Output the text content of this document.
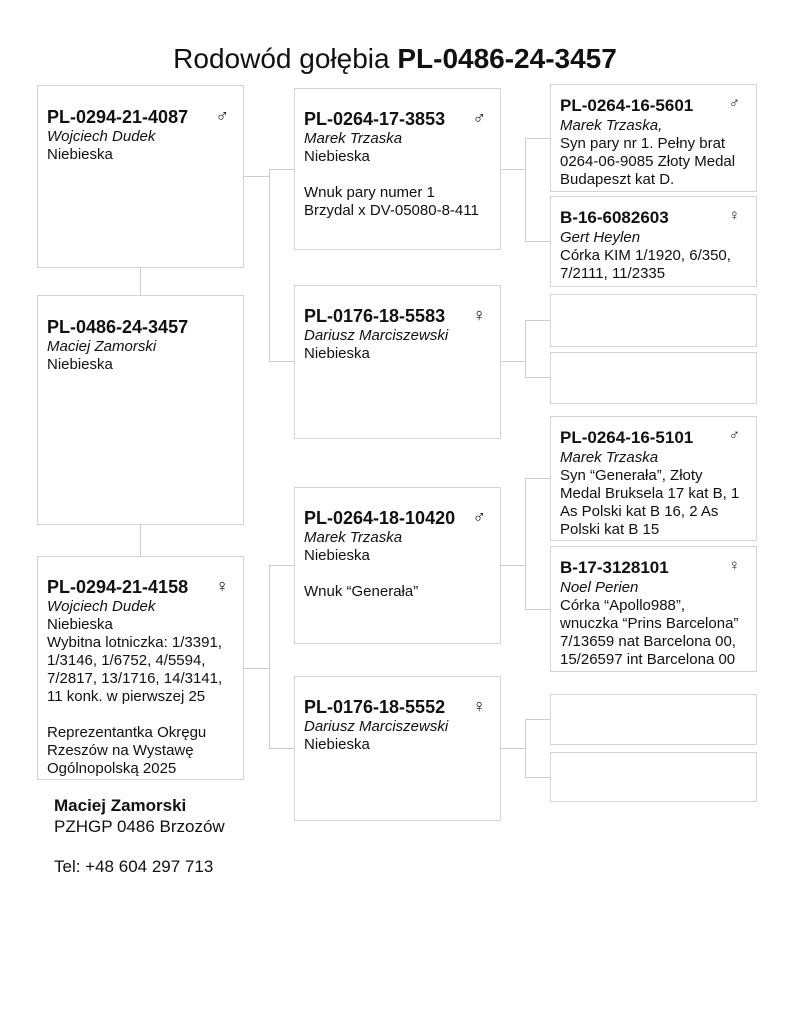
Rodowód gołębia PL-0486-24-3457
♂
PL-0294-21-4087
Wojciech Dudek
Niebieska
PL-0486-24-3457
Maciej Zamorski
Niebieska
♀
PL-0294-21-4158
Wojciech Dudek
Niebieska
Wybitna lotniczka: 1/3391,
1/3146, 1/6752, 4/5594,
7/2817, 13/1716, 14/3141,
11 konk. w pierwszej 25
Reprezentantka Okręgu
Rzeszów na Wystawę
Ogólnopolską 2025
♂
PL-0264-17-3853
Marek Trzaska
Niebieska
Wnuk pary numer 1
Brzydal x DV-05080-8-411
♀
PL-0176-18-5583
Dariusz Marciszewski
Niebieska
♂
PL-0264-18-10420
Marek Trzaska
Niebieska
Wnuk “Generała”
♀
PL-0176-18-5552
Dariusz Marciszewski
Niebieska
♂
PL-0264-16-5601
Marek Trzaska,
Syn pary nr 1. Pełny brat
0264-06-9085 Złoty Medal
Budapeszt kat D.
♀
B-16-6082603
Gert Heylen
Córka KIM 1/1920, 6/350,
7/2111, 11/2335
♂
PL-0264-16-5101
Marek Trzaska
Syn “Generała”, Złoty
Medal Bruksela 17 kat B, 1
As Polski kat B 16, 2 As
Polski kat B 15
♀
B-17-3128101
Noel Perien
Córka “Apollo988”,
wnuczka “Prins Barcelona”
7/13659 nat Barcelona 00,
15/26597 int Barcelona 00
Maciej Zamorski
PZHGP 0486 Brzozów
Tel: +48 604 297 713
